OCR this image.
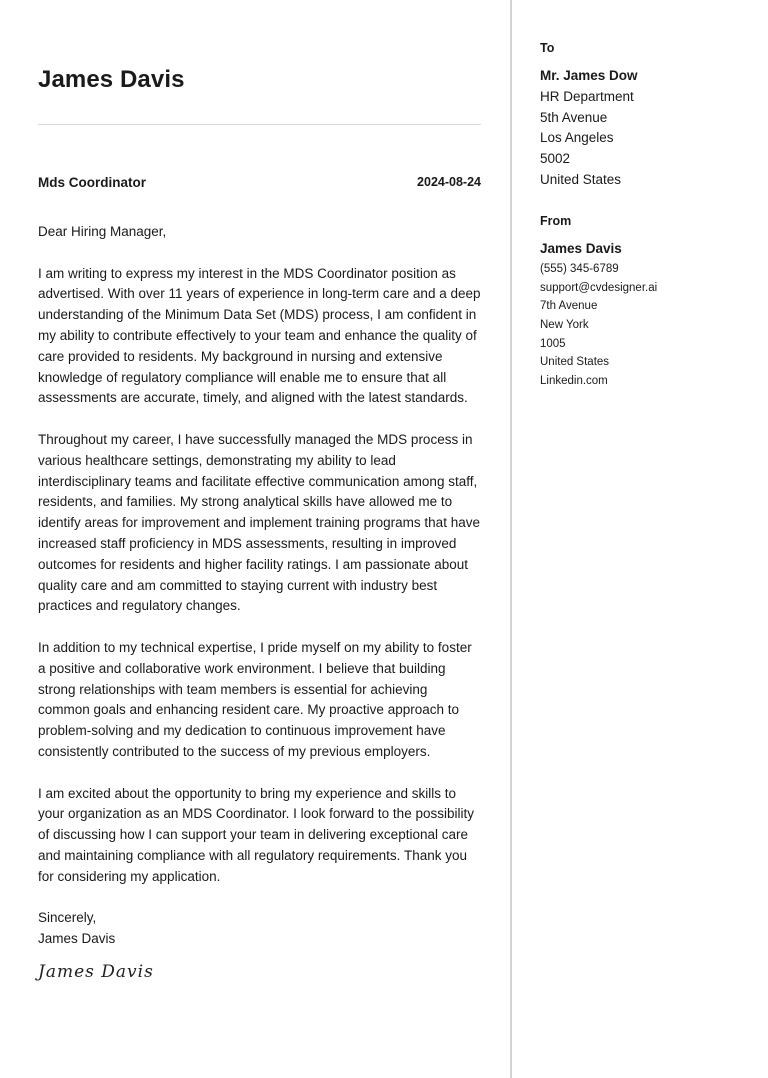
James Davis
Mds Coordinator	2024-08-24

Dear Hiring Manager,

I am writing to express my interest in the MDS Coordinator position as advertised. With over 11 years of experience in long-term care and a deep understanding of the Minimum Data Set (MDS) process, I am confident in my ability to contribute effectively to your team and enhance the quality of care provided to residents. My background in nursing and extensive knowledge of regulatory compliance will enable me to ensure that all assessments are accurate, timely, and aligned with the latest standards.

Throughout my career, I have successfully managed the MDS process in various healthcare settings, demonstrating my ability to lead interdisciplinary teams and facilitate effective communication among staff, residents, and families. My strong analytical skills have allowed me to identify areas for improvement and implement training programs that have increased staff proficiency in MDS assessments, resulting in improved outcomes for residents and higher facility ratings. I am passionate about quality care and am committed to staying current with industry best practices and regulatory changes.

In addition to my technical expertise, I pride myself on my ability to foster a positive and collaborative work environment. I believe that building strong relationships with team members is essential for achieving common goals and enhancing resident care. My proactive approach to problem-solving and my dedication to continuous improvement have consistently contributed to the success of my previous employers.

I am excited about the opportunity to bring my experience and skills to your organization as an MDS Coordinator. I look forward to the possibility of discussing how I can support your team in delivering exceptional care and maintaining compliance with all regulatory requirements. Thank you for considering my application.

Sincerely,
James Davis

James Davis
To
Mr. James Dow
HR Department
5th Avenue
Los Angeles
5002
United States
From
James Davis
(555) 345-6789
support@cvdesigner.ai
7th Avenue
New York
1005
United States
Linkedin.com
